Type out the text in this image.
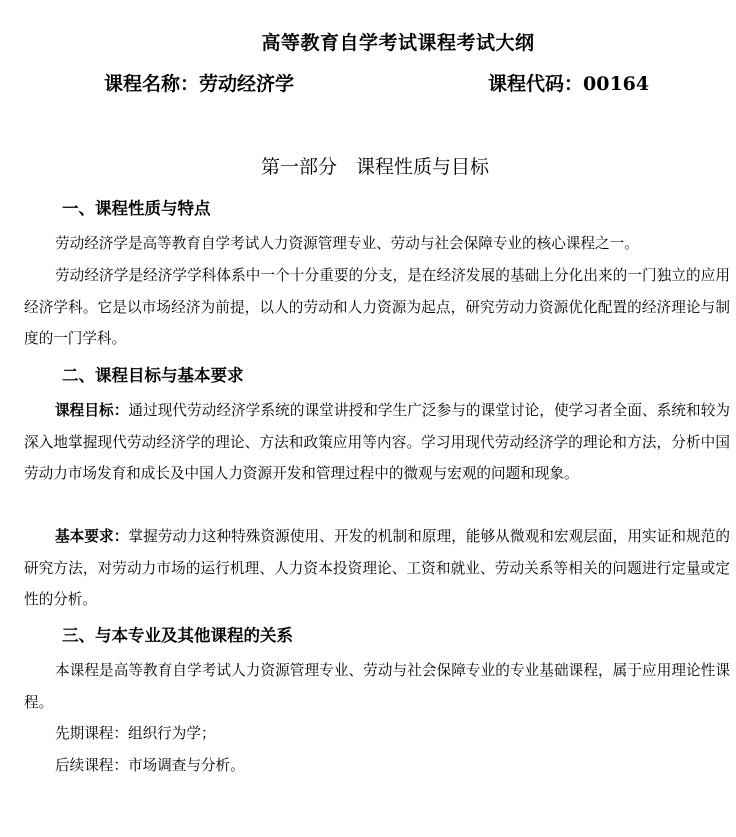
高等教育自学考试课程考试大纲
课程名称：劳动经济学	课程代码：00164
第一部分　课程性质与目标
一、课程性质与特点

劳动经济学是高等教育自学考试人力资源管理专业、劳动与社会保障专业的核心课程之一。

劳动经济学是经济学学科体系中一个十分重要的分支，是在经济发展的基础上分化出来的一门独立的应用经济学科。它是以市场经济为前提，以人的劳动和人力资源为起点，研究劳动力资源优化配置的经济理论与制度的一门学科。

二、课程目标与基本要求

课程目标：通过现代劳动经济学系统的课堂讲授和学生广泛参与的课堂讨论，使学习者全面、系统和较为深入地掌握现代劳动经济学的理论、方法和政策应用等内容。学习用现代劳动经济学的理论和方法，分析中国劳动力市场发育和成长及中国人力资源开发和管理过程中的微观与宏观的问题和现象。

基本要求：掌握劳动力这种特殊资源使用、开发的机制和原理，能够从微观和宏观层面，用实证和规范的研究方法，对劳动力市场的运行机理、人力资本投资理论、工资和就业、劳动关系等相关的问题进行定量或定性的分析。

三、与本专业及其他课程的关系

本课程是高等教育自学考试人力资源管理专业、劳动与社会保障专业的专业基础课程，属于应用理论性课程。

先期课程：组织行为学；

后续课程：市场调查与分析。
